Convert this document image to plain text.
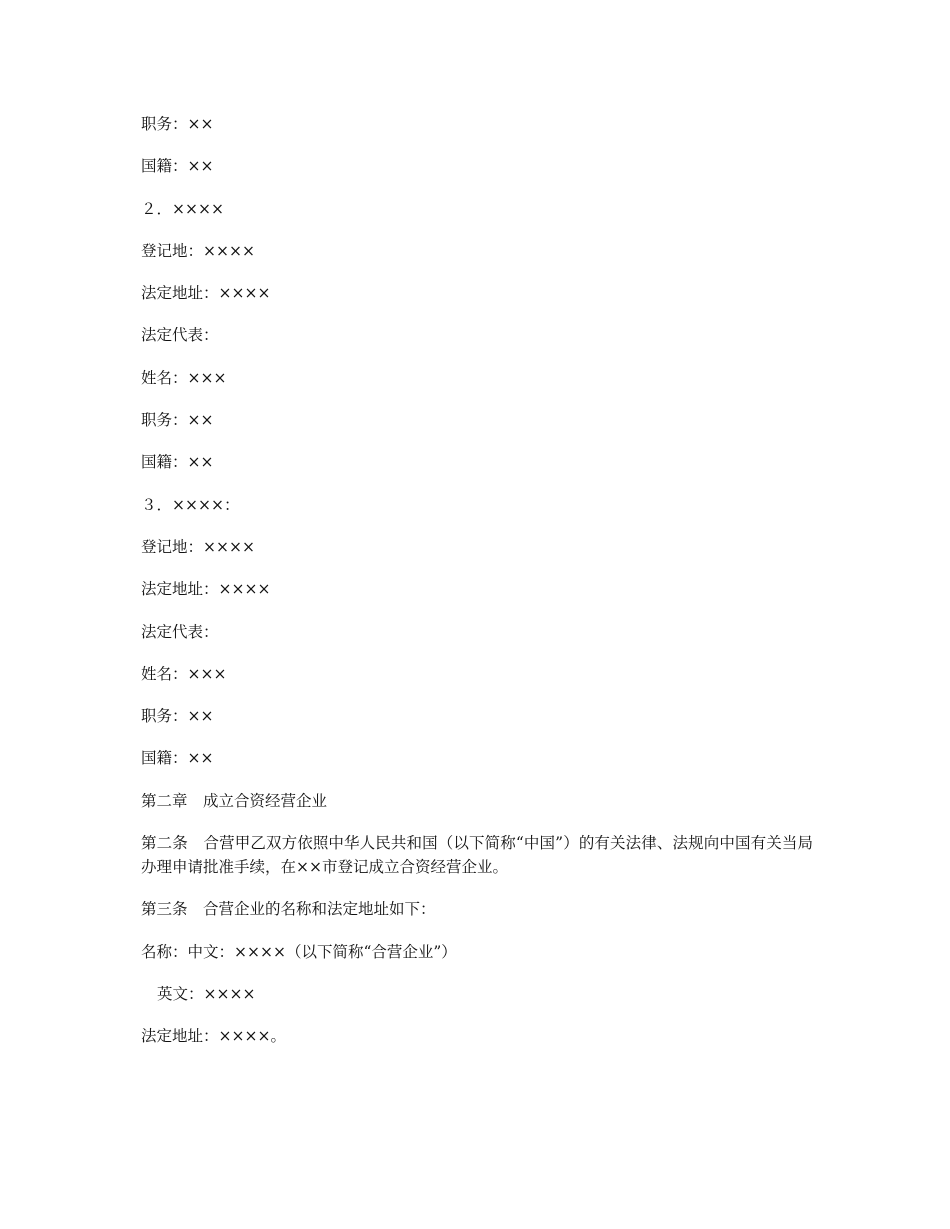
职务：××
国籍：××
２．××××
登记地：××××
法定地址：××××
法定代表：
姓名：×××
职务：××
国籍：××
３．××××：
登记地：××××
法定地址：××××
法定代表：
姓名：×××
职务：××
国籍：××
第二章　成立合资经营企业
第二条　合营甲乙双方依照中华人民共和国（以下简称“中国”）的有关法律、法规向中国有关当局办理申请批准手续，在××市登记成立合资经营企业。
第三条　合营企业的名称和法定地址如下：
名称：中文：××××（以下简称“合营企业”）
英文：××××
法定地址：××××。
